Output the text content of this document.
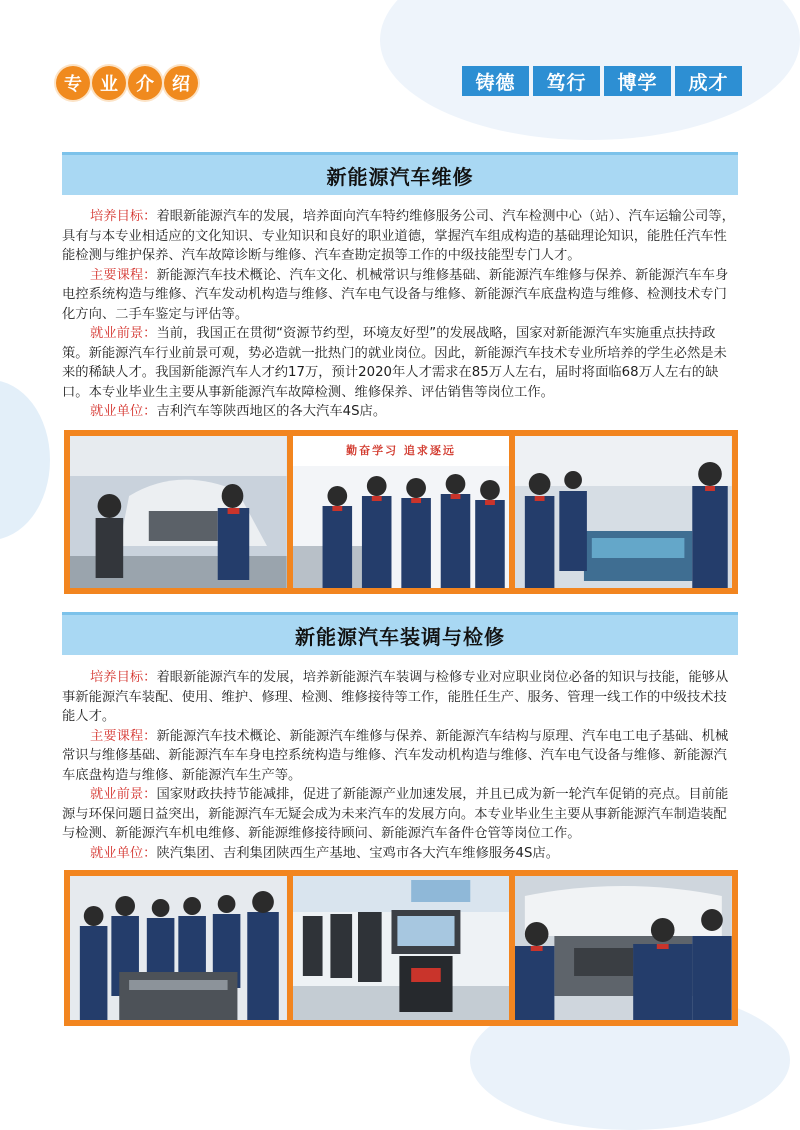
专	业	介	绍	铸德	笃行	博学	成才
新能源汽车维修

培养目标：着眼新能源汽车的发展，培养面向汽车特约维修服务公司、汽车检测中心（站）、汽车运输公司等，具有与本专业相适应的文化知识、专业知识和良好的职业道德，掌握汽车组成构造的基础理论知识，能胜任汽车性能检测与维护保养、汽车故障诊断与维修、汽车查勘定损等工作的中级技能型专门人才。

主要课程：新能源汽车技术概论、汽车文化、机械常识与维修基础、新能源汽车维修与保养、新能源汽车车身电控系统构造与维修、汽车发动机构造与维修、汽车电气设备与维修、新能源汽车底盘构造与维修、检测技术专门化方向、二手车鉴定与评估等。

就业前景：当前，我国正在贯彻“资源节约型，环境友好型”的发展战略，国家对新能源汽车实施重点扶持政策。新能源汽车行业前景可观，势必造就一批热门的就业岗位。因此，新能源汽车技术专业所培养的学生必然是未来的稀缺人才。我国新能源汽车人才约17万，预计2020年人才需求在85万人左右，届时将面临68万人左右的缺口。本专业毕业生主要从事新能源汽车故障检测、维修保养、评估销售等岗位工作。

就业单位：吉利汽车等陕西地区的各大汽车4S店。

勤奋学习 追求逐远
新能源汽车装调与检修

培养目标：着眼新能源汽车的发展，培养新能源汽车装调与检修专业对应职业岗位必备的知识与技能，能够从事新能源汽车装配、使用、维护、修理、检测、维修接待等工作，能胜任生产、服务、管理一线工作的中级技术技能人才。

主要课程：新能源汽车技术概论、新能源汽车维修与保养、新能源汽车结构与原理、汽车电工电子基础、机械常识与维修基础、新能源汽车车身电控系统构造与维修、汽车发动机构造与维修、汽车电气设备与维修、新能源汽车底盘构造与维修、新能源汽车生产等。

就业前景：国家财政扶持节能减排，促进了新能源产业加速发展，并且已成为新一轮汽车促销的亮点。目前能源与环保问题日益突出，新能源汽车无疑会成为未来汽车的发展方向。本专业毕业生主要从事新能源汽车制造装配与检测、新能源汽车机电维修、新能源维修接待顾问、新能源汽车备件仓管等岗位工作。

就业单位：陕汽集团、吉利集团陕西生产基地、宝鸡市各大汽车维修服务4S店。
